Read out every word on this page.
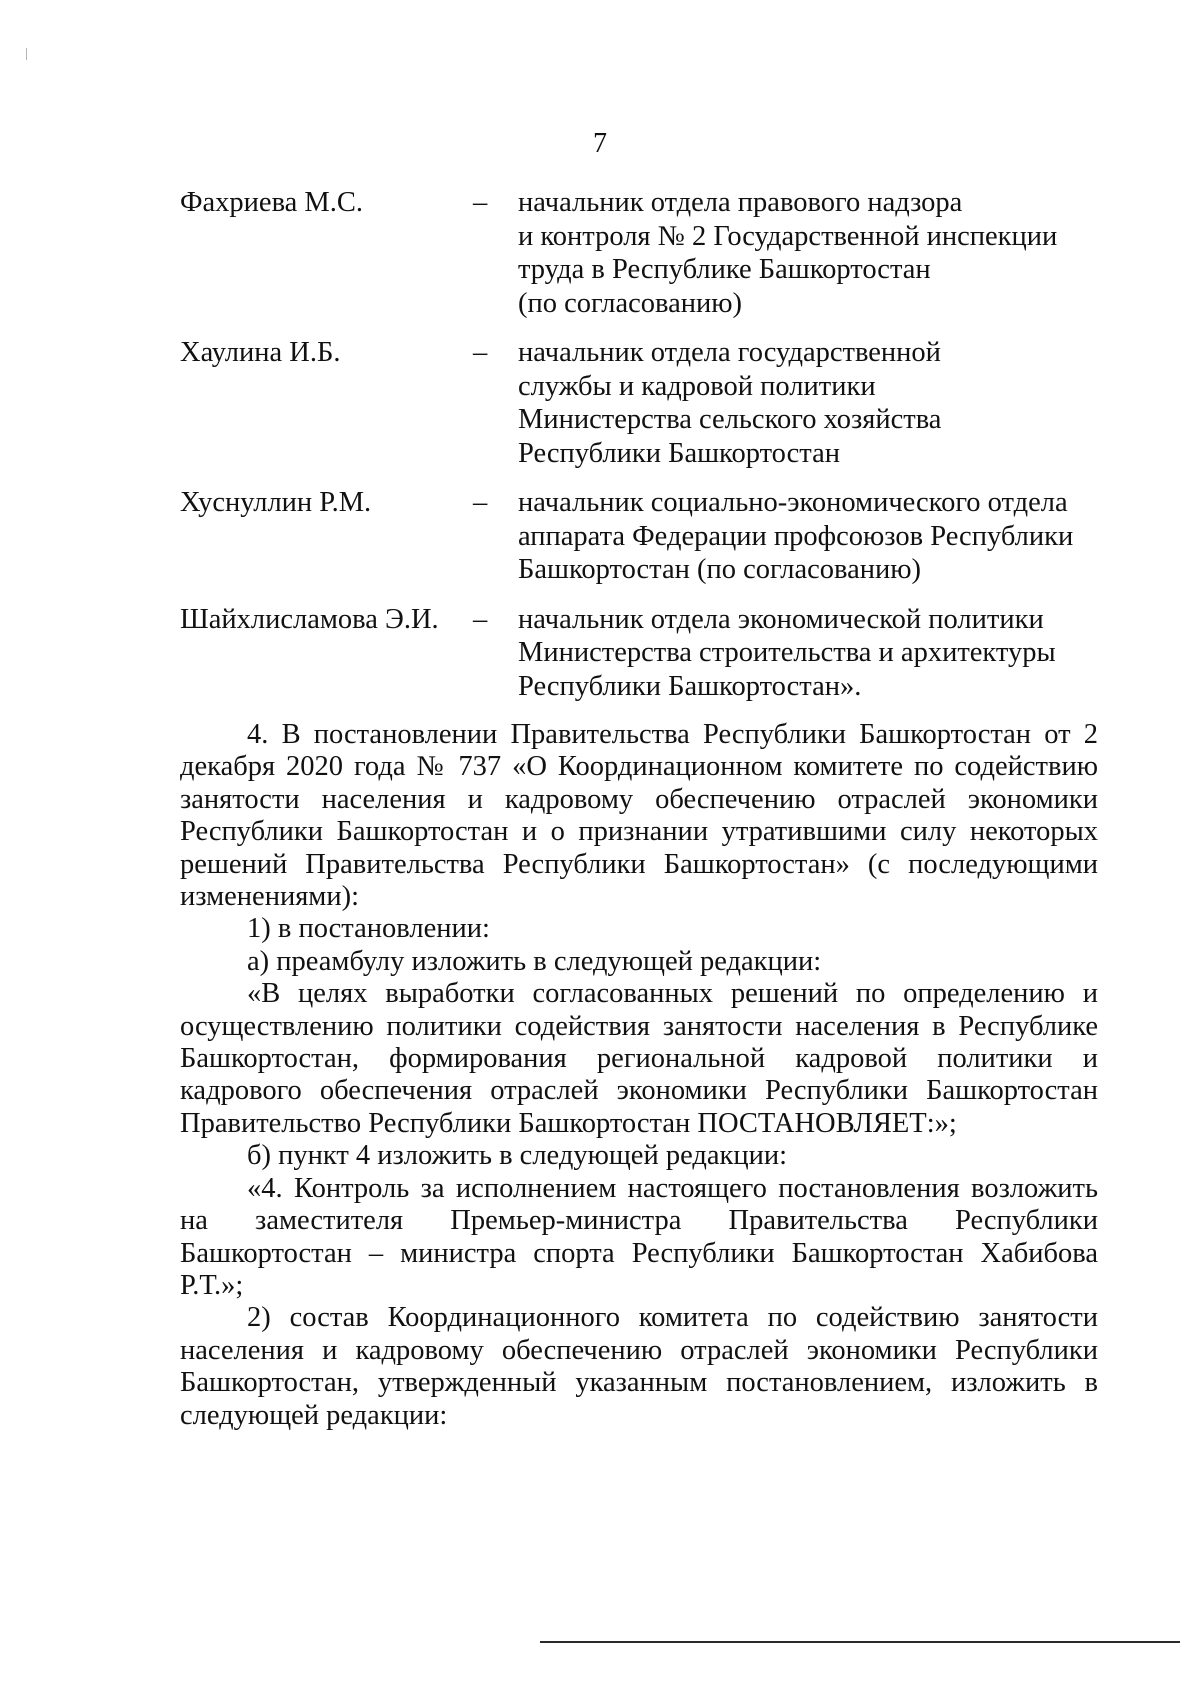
7
Фахриева М.С.	– начальник отдела правового надзора
и контроля № 2 Государственной инспекции
труда в Республике Башкортостан
(по согласованию)
Хаулина И.Б.	– начальник отдела государственной
службы и кадровой политики
Министерства сельского хозяйства
Республики Башкортостан
Хуснуллин Р.М.	– начальник социально-экономического отдела
аппарата Федерации профсоюзов Республики
Башкортостан (по согласованию)
Шайхлисламова Э.И. – начальник отдела экономической политики
Министерства строительства и архитектуры
Республики Башкортостан».

4. В постановлении Правительства Республики Башкортостан от 2 декабря 2020 года № 737 «О Координационном комитете по содействию занятости населения и кадровому обеспечению отраслей экономики Республики Башкортостан и о признании утратившими силу некоторых решений Правительства Республики Башкортостан» (с последующими изменениями):

1) в постановлении:

а) преамбулу изложить в следующей редакции:

«В целях выработки согласованных решений по определению и осуществлению политики содействия занятости населения в Республике Башкортостан, формирования региональной кадровой политики и кадрового обеспечения отраслей экономики Республики Башкортостан Правительство Республики Башкортостан ПОСТАНОВЛЯЕТ:»;

б) пункт 4 изложить в следующей редакции:

«4. Контроль за исполнением настоящего постановления возложить на заместителя Премьер-министра Правительства Республики Башкортостан – министра спорта Республики Башкортостан Хабибова Р.Т.»;

2) состав Координационного комитета по содействию занятости населения и кадровому обеспечению отраслей экономики Республики Башкортостан, утвержденный указанным постановлением, изложить в следующей редакции:
